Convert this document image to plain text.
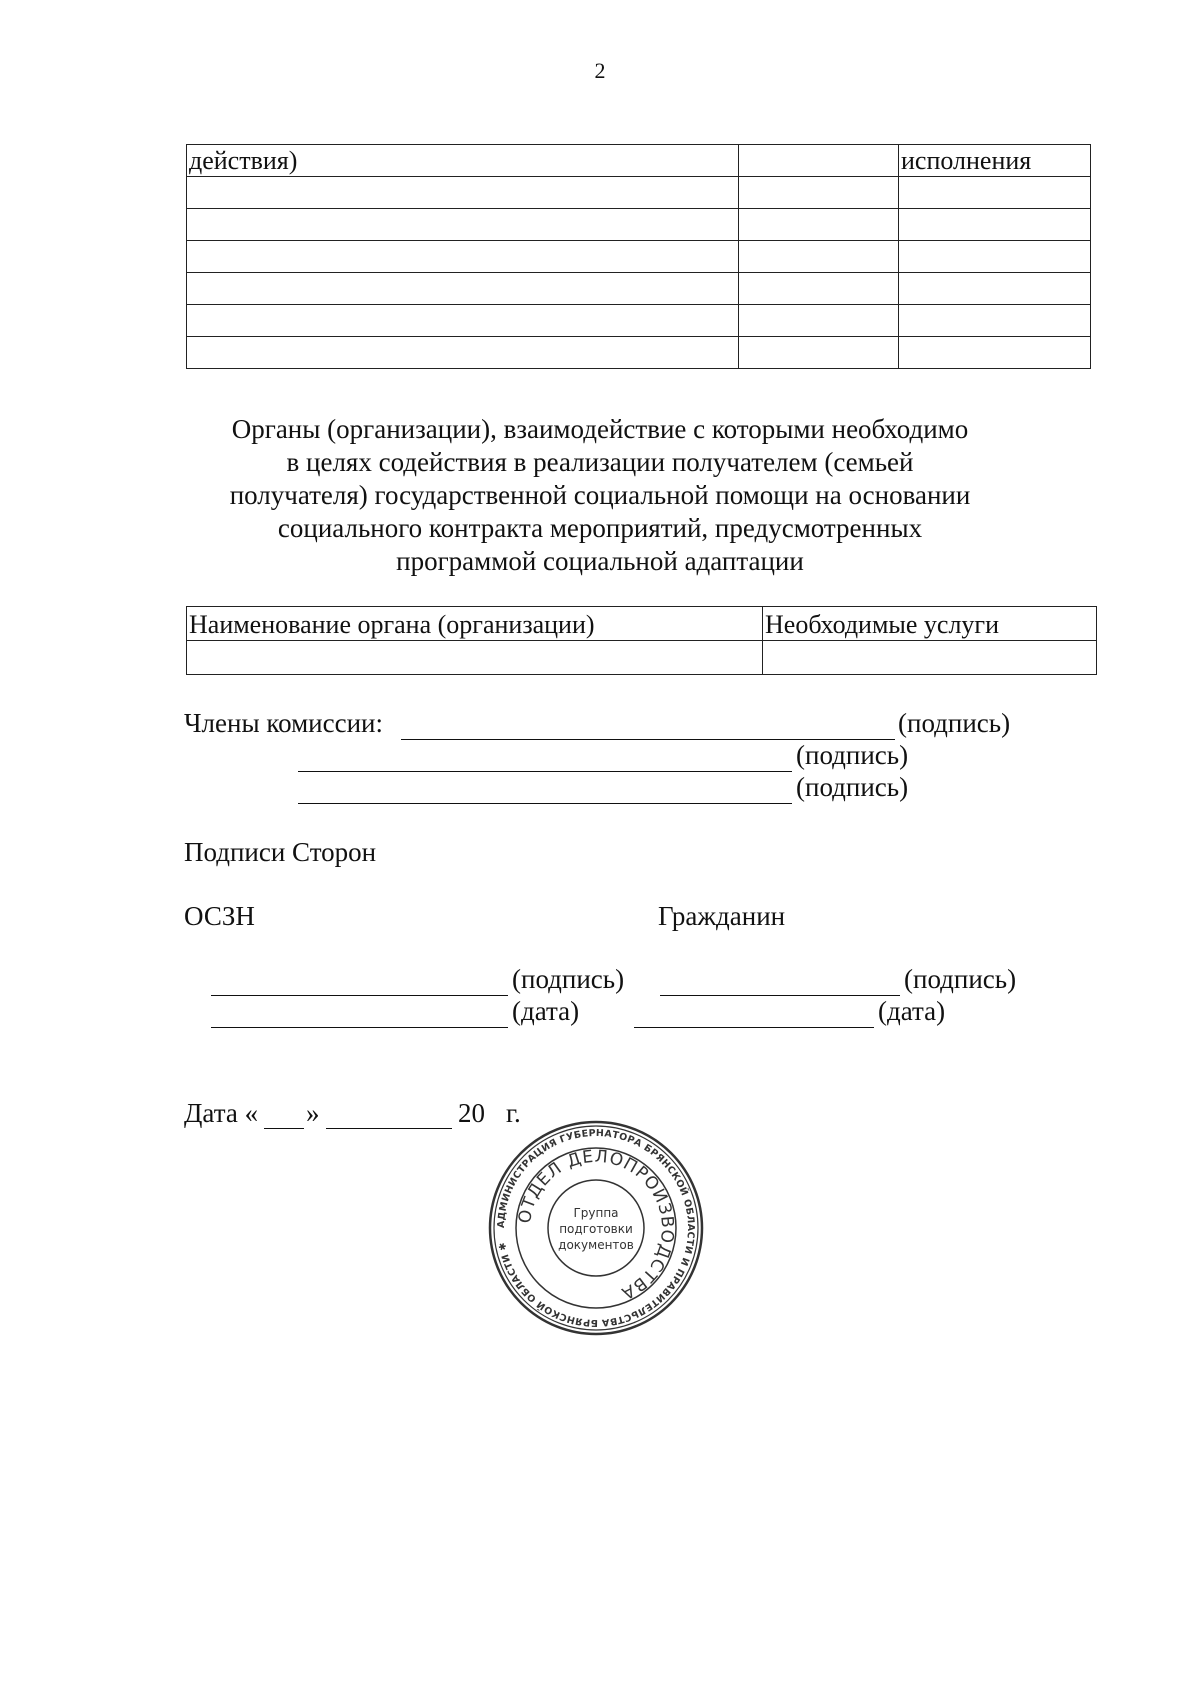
2
действия)		исполнения

Органы (организации), взаимодействие с которыми необходимо
в целях содействия в реализации получателем (семьей
получателя) государственной социальной помощи на основании
социального контракта мероприятий, предусмотренных
программой социальной адаптации
Наименование органа (организации)	Необходимые услуги

Члены комиссии:	(подпись)
(подпись)
(подпись)
Подписи Сторон
ОСЗН	Гражданин
(подпись)	(подпись)
(дата)	(дата)
Дата « »	20 г.
АДМИНИСТРАЦИЯ ГУБЕРНАТОРА БРЯНСКОЙ ОБЛАСТИ И ПРАВИТЕЛЬСТВА БРЯНСКОЙ ОБЛАСТИ ✱
ОТДЕЛ ДЕЛОПРОИЗВОДСТВА
Группа
подготовки
документов
